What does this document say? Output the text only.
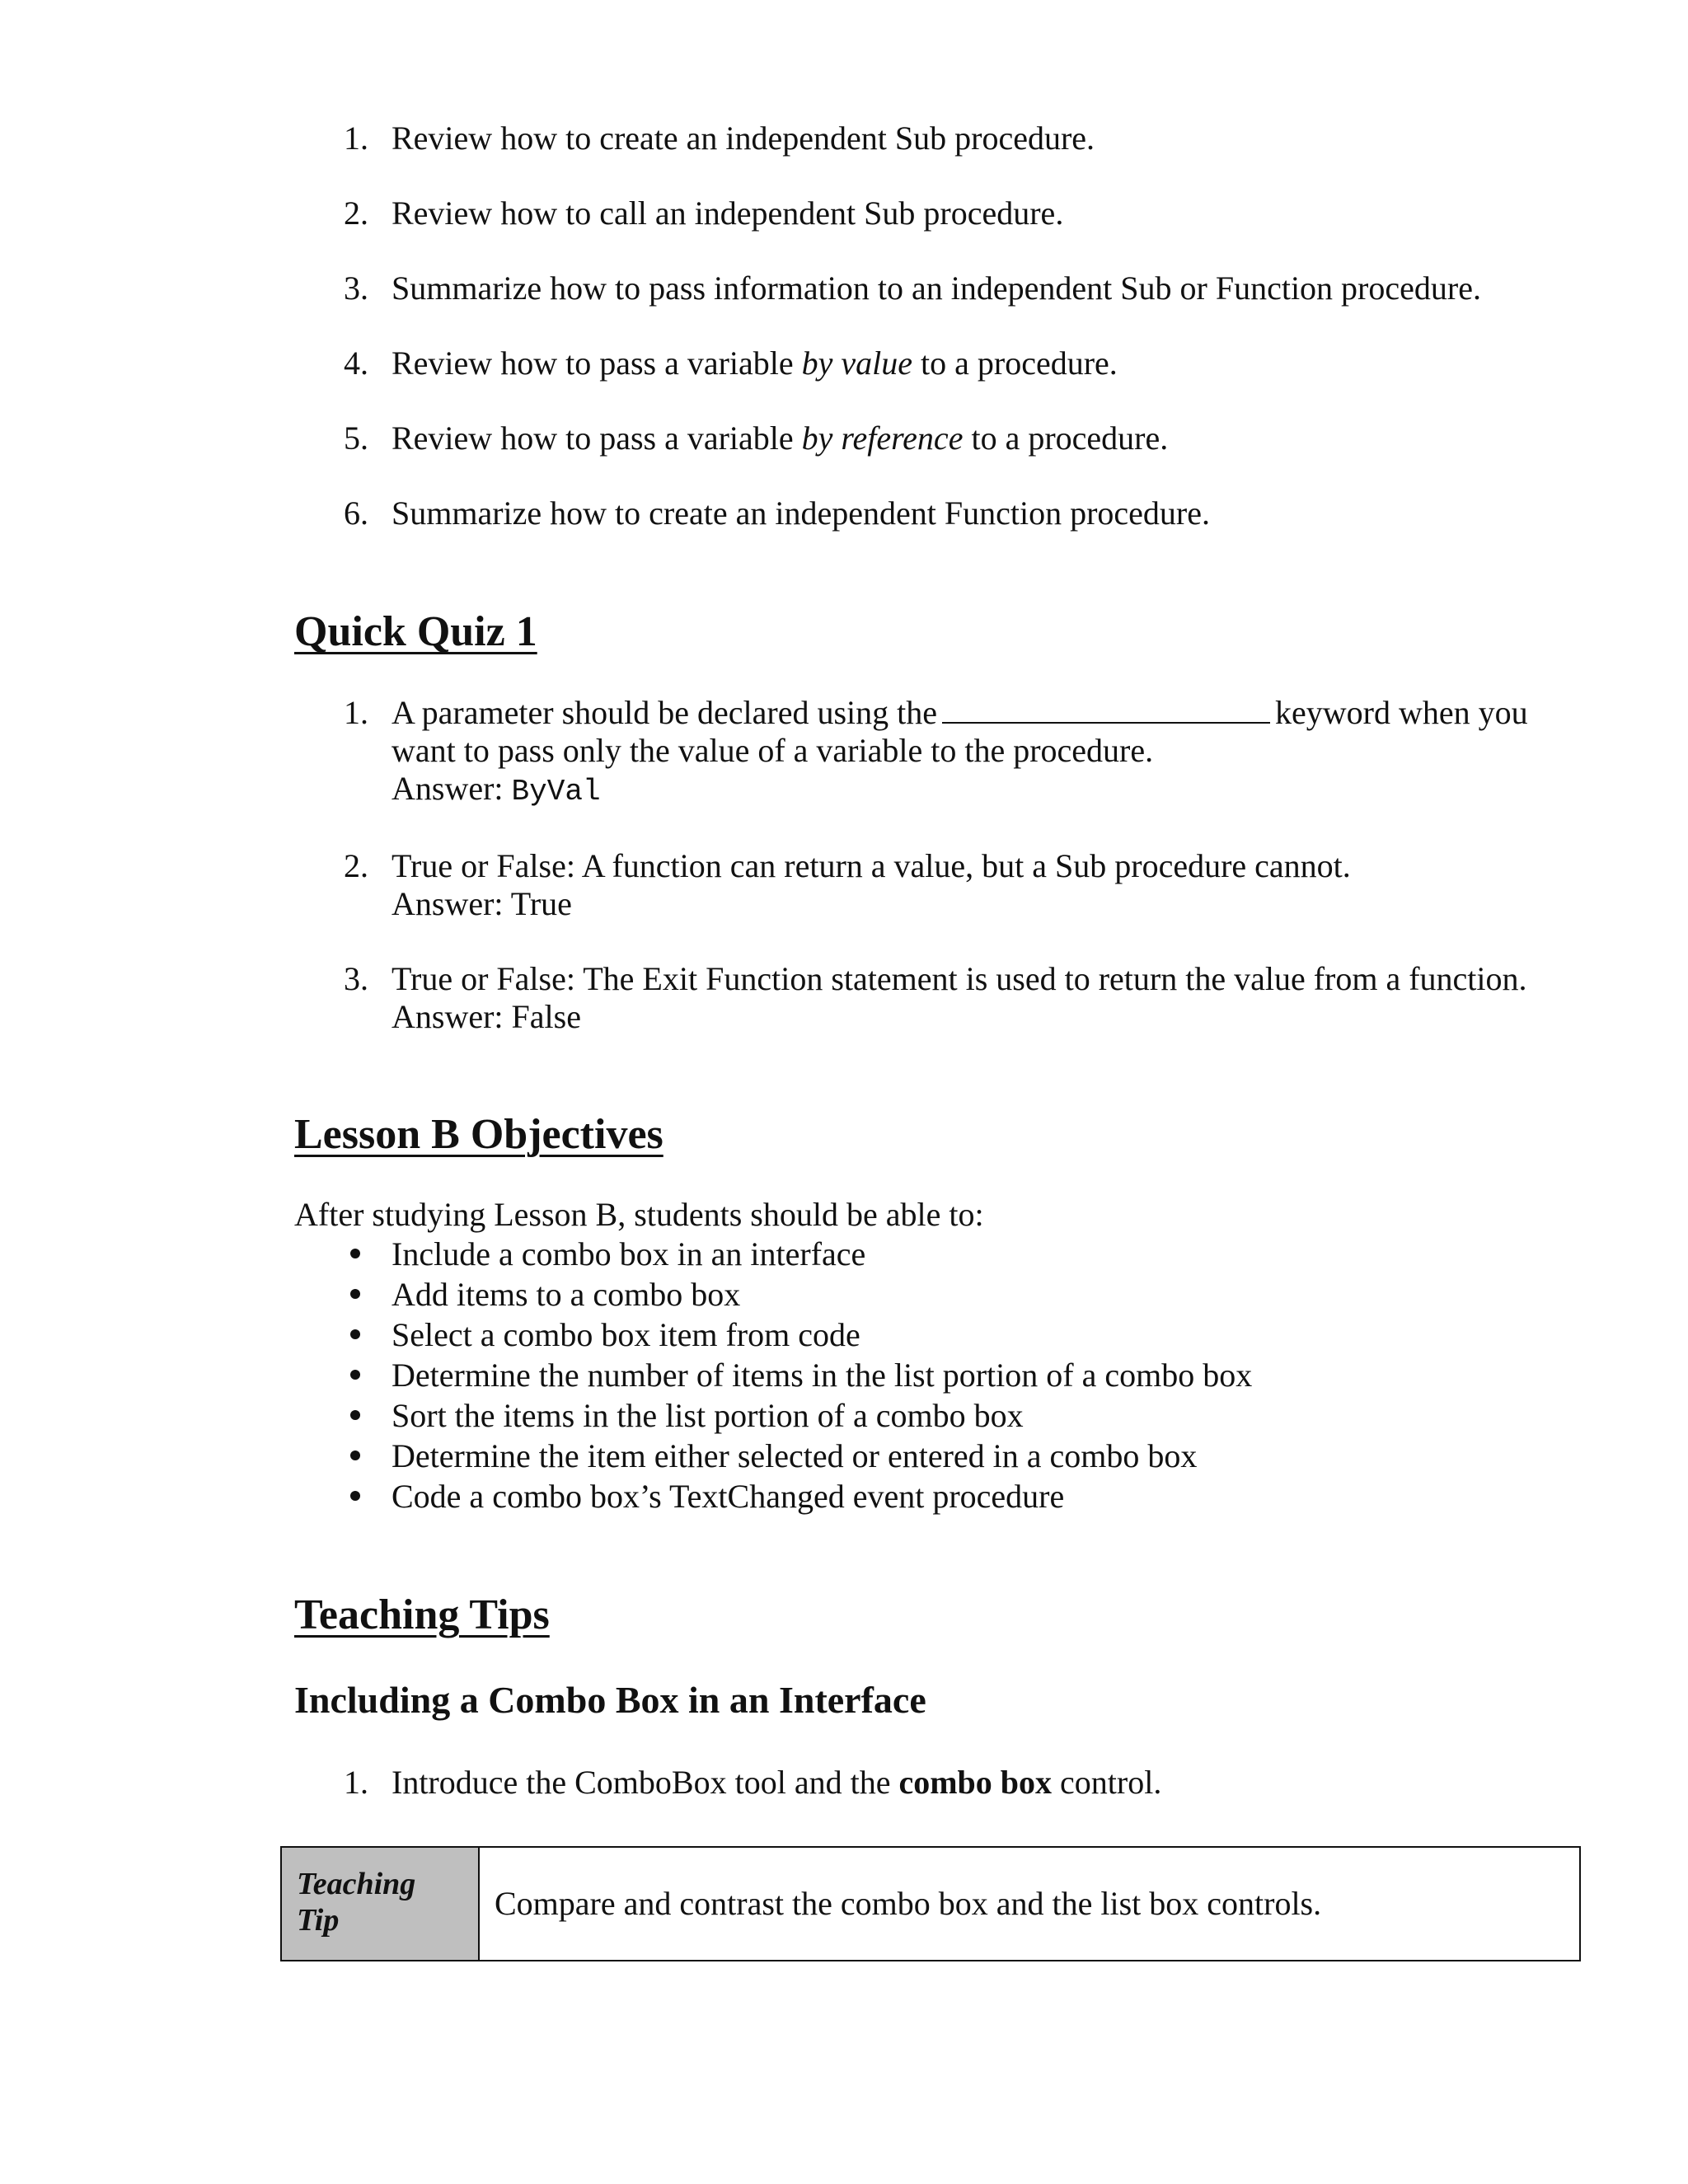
1. Review how to create an independent Sub procedure.
2. Review how to call an independent Sub procedure.
3. Summarize how to pass information to an independent Sub or Function procedure.
4. Review how to pass a variable by value to a procedure.
5. Review how to pass a variable by reference to a procedure.
6. Summarize how to create an independent Function procedure.
Quick Quiz 1
1. A parameter should be declared using the	keyword when you
want to pass only the value of a variable to the procedure.
Answer: ByVal
2. True or False: A function can return a value, but a Sub procedure cannot.
Answer: True
3. True or False: The Exit Function statement is used to return the value from a function.
Answer: False
Lesson B Objectives
After studying Lesson B, students should be able to:
Include a combo box in an interface
Add items to a combo box
Select a combo box item from code
Determine the number of items in the list portion of a combo box
Sort the items in the list portion of a combo box
Determine the item either selected or entered in a combo box
Code a combo box’s TextChanged event procedure
Teaching Tips
Including a Combo Box in an Interface
1. Introduce the ComboBox tool and the combo box control.
Teaching Tip	Compare and contrast the combo box and the list box controls.
